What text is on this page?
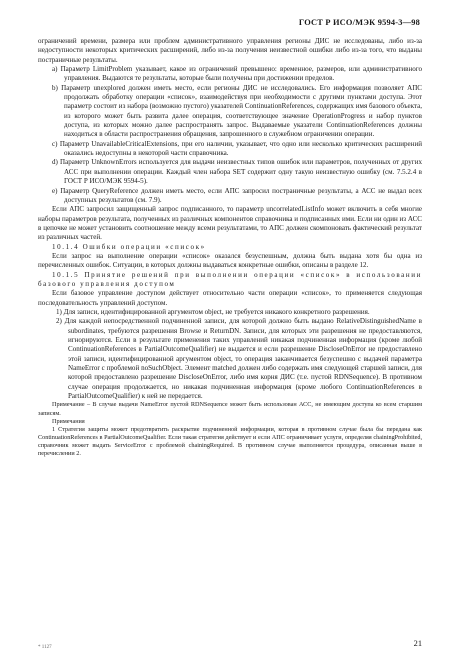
ГОСТ Р ИСО/МЭК 9594-3—98

ограничений времени, размера или проблем административного управления регионы ДИС не исследованы, либо из-за недоступности некоторых критических расширений, либо из-за получения неизвестной ошибки либо из-за того, что выданы постраничные результаты.

а) Параметр LimitProblem указывает, какое из ограничений превышено: временное, размеров, или административного управления. Выдаются те результаты, которые были получены при достижении пределов.

b) Параметр unexplored должен иметь место, если регионы ДИС не исследовались. Его информация позволяет АПС продолжать обработку операции «список», взаимодействуя при необходимости с другими пунктами доступа. Этот параметр состоит из набора (возможно пустого) указателей ContinuationReferences, содержащих имя базового объекта, из которого может быть развита далее операция, соответствующее значение OperationProgress и набор пунктов доступа, из которых можно далее распространять запрос. Выдаваемые указатели ContinuationReferences должны находиться в области распространения обращения, запрошенного в служебном ограничении операции.

c) Параметр UnavailableCriticalExtensions, при его наличии, указывает, что одно или несколько критических расширений оказались недоступны в некоторой части справочника.

d) Параметр UnknownErrors используется для выдачи неизвестных типов ошибок или параметров, полученных от других АСС при выполнении операции. Каждый член набора SET содержит одну такую неизвестную ошибку (см. 7.5.2.4 в ГОСТ Р ИСО/МЭК 9594-5).

e) Параметр QueryReference должен иметь место, если АПС запросил постраничные результаты, а АСС не выдал всех доступных результатов (см. 7.9).

Если АПС запросил защищенный запрос подписанного, то параметр uncorrelatedListInfo может включить в себя многие наборы параметров результата, полученных из различных компонентов справочника и подписанных ими. Если ни один из АСС в цепочке не может установить соотношение между всеми результатами, то АПС должен скомпоновать фактический результат из различных частей.

10.1.4 Ошибки операции «список»

Если запрос на выполнение операции «список» оказался безуспешным, должна быть выдана хотя бы одна из перечисленных ошибок. Ситуации, в которых должны выдаваться конкретные ошибки, описаны в разделе 12.

10.1.5 Принятие решений при выполнении операции «список» в использовании базового управления доступом

Если базовое управление доступом действует относительно части операции «список», то применяется следующая последовательность управлений доступом.

1) Для записи, идентифицированной аргументом object, не требуется никакого конкретного разрешения.

2) Для каждой непосредственной подчиненной записи, для которой должно быть выдано RelativeDistinguishedName в subordinates, требуются разрешения Browse и ReturnDN. Записи, для которых эти разрешения не предоставляются, игнорируются. Если в результате применения таких управлений никакая подчиненная информация (кроме любой ContinuationReferences в PartialOutcomeQualifier) не выдается и если разрешение DiscloseOnError не предоставлено этой записи, идентифицированной аргументом object, то операция заканчивается безуспешно с выдачей параметра NameError с проблемой noSuchObject. Элемент matched должен либо содержать имя следующей старшей записи, для которой предоставлено разрешение DiscloseOnError, либо имя корня ДИС (т.е. пустой RDNSequence). В противном случае операция продолжается, но никакая подчиненная информация (кроме любого ContinuationReferences в PartialOutcomeQualifier) к ней не передается.

Примечание – В случае выдачи NameError пустой RDNSequence может быть использован АСС, не имеющим доступа ко всем старшим записям.

Примечания

1 Стратегия защиты может предотвратить раскрытие подчиненной информации, которая в противном случае была бы передана как ContinuationReferences в PartialOutcomeQualifier. Если такая стратегия действует и если АПС ограничивает услуги, определяя chainingProhibited, справочник может выдать ServiceError с проблемой chainingRequired. В противном случае выполняется процедура, описанная выше в перечислении 2.

* 1127	21
